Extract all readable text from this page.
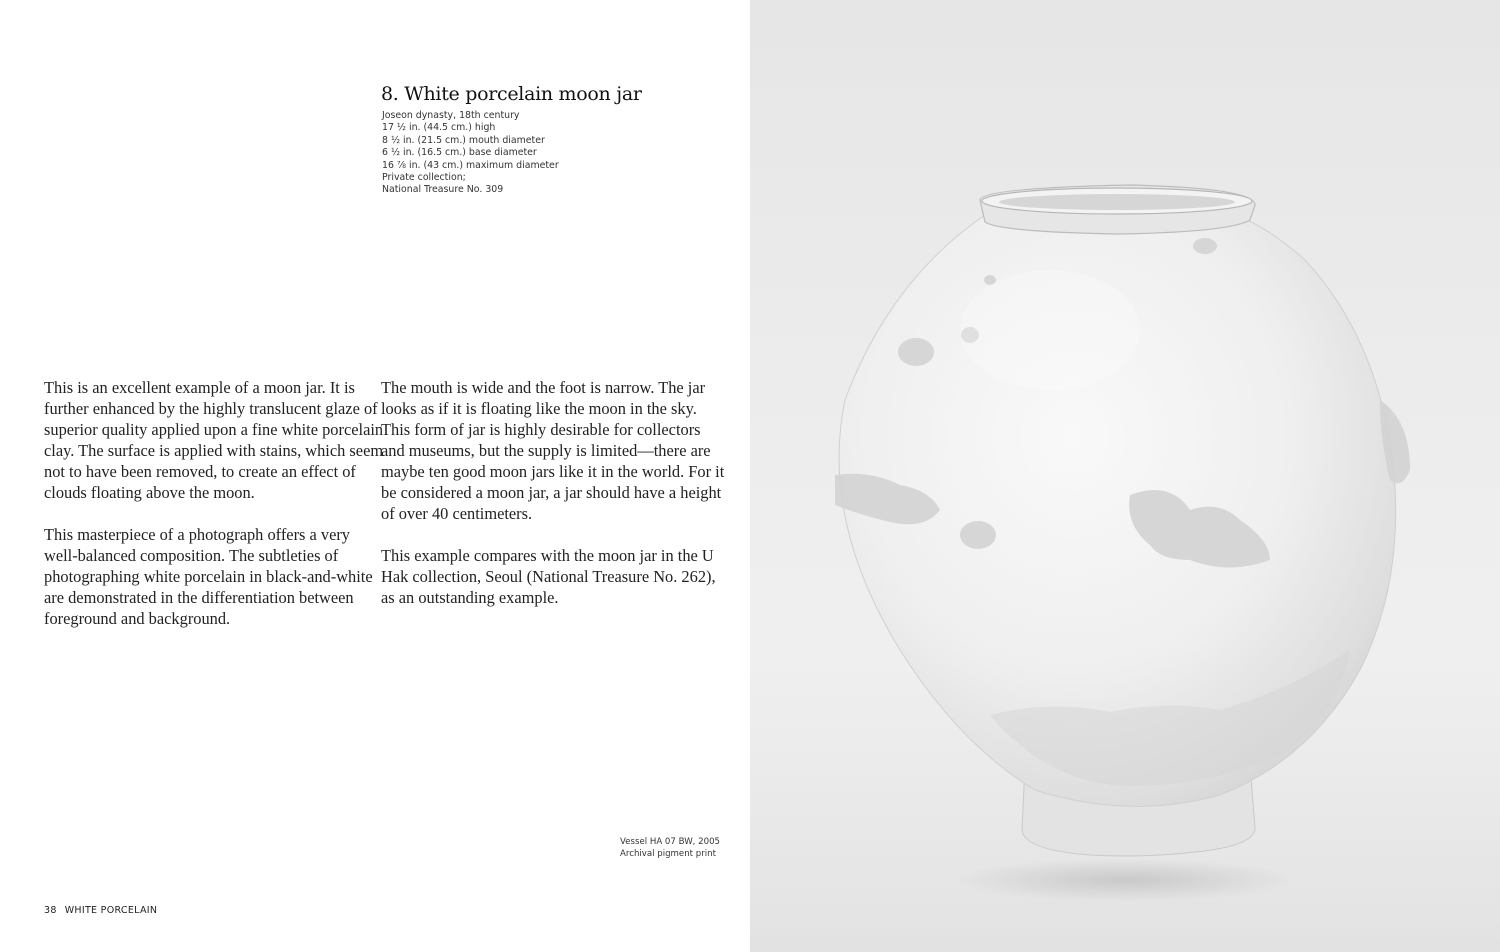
8. White porcelain moon jar
Joseon dynasty, 18th century
17 ½ in. (44.5 cm.) high
8 ½ in. (21.5 cm.) mouth diameter
6 ½ in. (16.5 cm.) base diameter
16 ⅞ in. (43 cm.) maximum diameter
Private collection;
National Treasure No. 309

This is an excellent example of a moon jar. It is further enhanced by the highly translucent glaze of superior quality applied upon a fine white porcelain clay. The surface is applied with stains, which seem not to have been removed, to create an effect of clouds floating above the moon.

This masterpiece of a photograph offers a very well-balanced composition. The subtleties of photographing white porcelain in black-and-white are demonstrated in the differentiation between foreground and background.

The mouth is wide and the foot is narrow. The jar looks as if it is floating like the moon in the sky. This form of jar is highly desirable for collectors and museums, but the supply is limited—there are maybe ten good moon jars like it in the world. For it be considered a moon jar, a jar should have a height of over 40 centimeters.

This example compares with the moon jar in the U Hak collection, Seoul (National Treasure No. 262), as an outstanding example.

Vessel HA 07 BW, 2005
Archival pigment print
38 WHITE PORCELAIN
